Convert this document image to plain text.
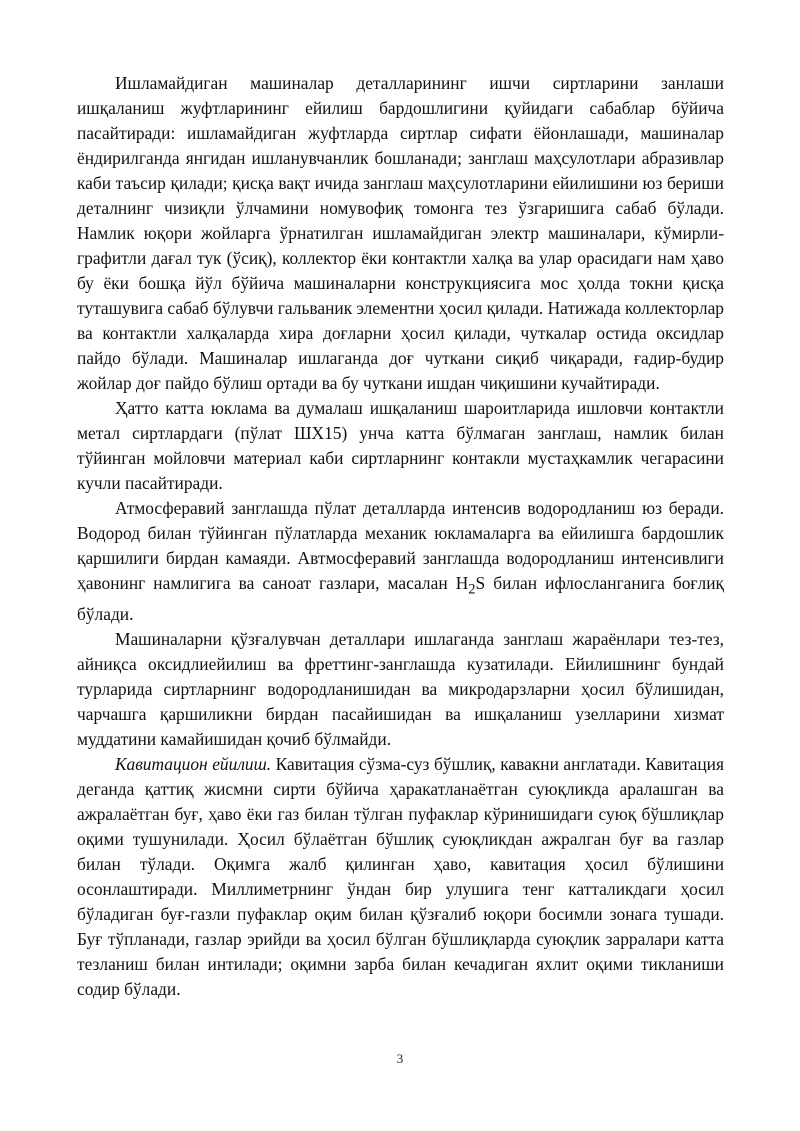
Ишламайдиган машиналар деталларининг ишчи сиртларини занлаши ишқаланиш жуфтларининг ейилиш бардошлигини қуйидаги сабаблар бўйича пасайтиради: ишламайдиган жуфтларда сиртлар сифати ёйонлашади, машиналар ёндирилганда янгидан ишланувчанлик бошланади; занглаш маҳсулотлари абразивлар каби таъсир қилади; қисқа вақт ичида занглаш маҳсулотларини ейилишини юз бериши деталнинг чизиқли ўлчамини номувофиқ томонга тез ўзгаришига сабаб бўлади. Намлик юқори жойларга ўрнатилган ишламайдиган электр машиналари, кўмирли-графитли дағал тук (ўсиқ), коллектор ёки контактли халқа ва улар орасидаги нам ҳаво бу ёки бошқа йўл бўйича машиналарни конструкциясига мос ҳолда токни қисқа туташувига сабаб бўлувчи гальваник элементни ҳосил қилади. Натижада коллекторлар ва контактли халқаларда хира доғларни ҳосил қилади, чуткалар остида оксидлар пайдо бўлади. Машиналар ишлаганда доғ чуткани сиқиб чиқаради, ғадир-будир жойлар доғ пайдо бўлиш ортади ва бу чуткани ишдан чиқишини кучайтиради.

Ҳатто катта юклама ва думалаш ишқаланиш шароитларида ишловчи контактли метал сиртлардаги (пўлат ШХ15) унча катта бўлмаган занглаш, намлик билан тўйинган мойловчи материал каби сиртларнинг контакли мустаҳкамлик чегарасини кучли пасайтиради.

Атмосферавий занглашда пўлат деталларда интенсив водородланиш юз беради. Водород билан тўйинган пўлатларда механик юкламаларга ва ейилишга бардошлик қаршилиги бирдан камаяди. Автмосферавий занглашда водородланиш интенсивлиги ҳавонинг намлигига ва саноат газлари, масалан $H_2S$ билан ифлосланганига боғлиқ бўлади.

Машиналарни қўзғалувчан деталлари ишлаганда занглаш жараёнлари тез-тез, айниқса оксидлиейилиш ва фреттинг-занглашда кузатилади. Ейилишнинг бундай турларида сиртларнинг водородланишидан ва микродарзларни ҳосил бўлишидан, чарчашга қаршиликни бирдан пасайишидан ва ишқаланиш узелларини хизмат муддатини камайишидан қочиб бўлмайди.

Кавитацион ейилиш. Кавитация сўзма-суз бўшлиқ, кавакни англатади. Кавитация деганда қаттиқ жисмни сирти бўйича ҳаракатланаётган суюқликда аралашган ва ажралаётган буғ, ҳаво ёки газ билан тўлган пуфаклар кўринишидаги суюқ бўшлиқлар оқими тушунилади. Ҳосил бўлаётган бўшлиқ суюқликдан ажралган буғ ва газлар билан тўлади. Оқимга жалб қилинган ҳаво, кавитация ҳосил бўлишини осонлаштиради. Миллиметрнинг ўндан бир улушига тенг катталикдаги ҳосил бўладиган буғ-газли пуфаклар оқим билан қўзғалиб юқори босимли зонага тушади. Буғ тўпланади, газлар эрийди ва ҳосил бўлган бўшлиқларда суюқлик зарралари катта тезланиш билан интилади; оқимни зарба билан кечадиган яхлит оқими тикланиши содир бўлади.

3
